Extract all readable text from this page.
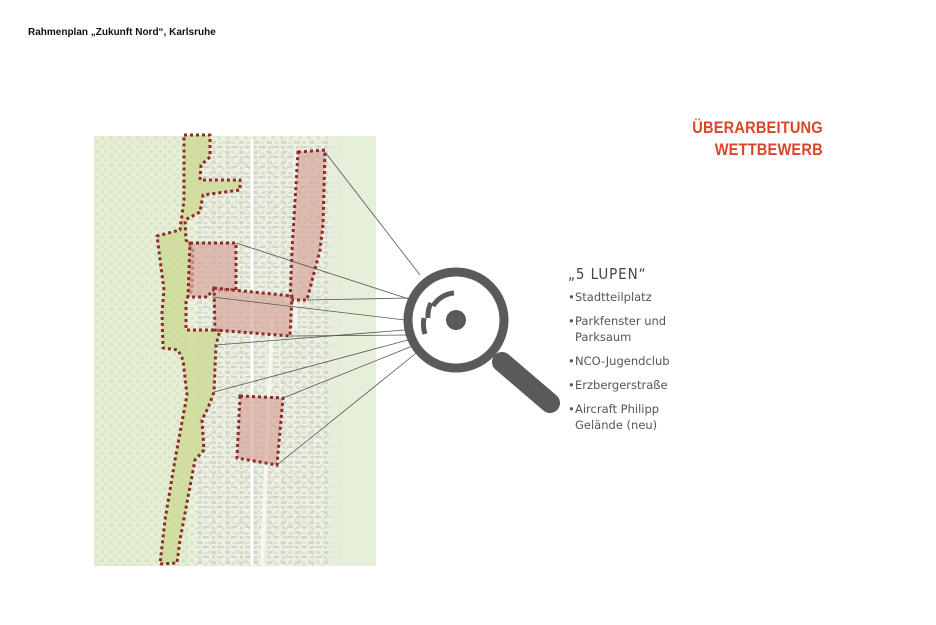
Rahmenplan „Zukunft Nord“, Karlsruhe
ÜBERARBEITUNG
WETTBEWERB
„5 LUPEN“
• Stadtteilplatz
• Parkfenster und Parksaum
• NCO-Jugendclub
• Erzbergerstraße
• Aircraft Philipp Gelände (neu)
